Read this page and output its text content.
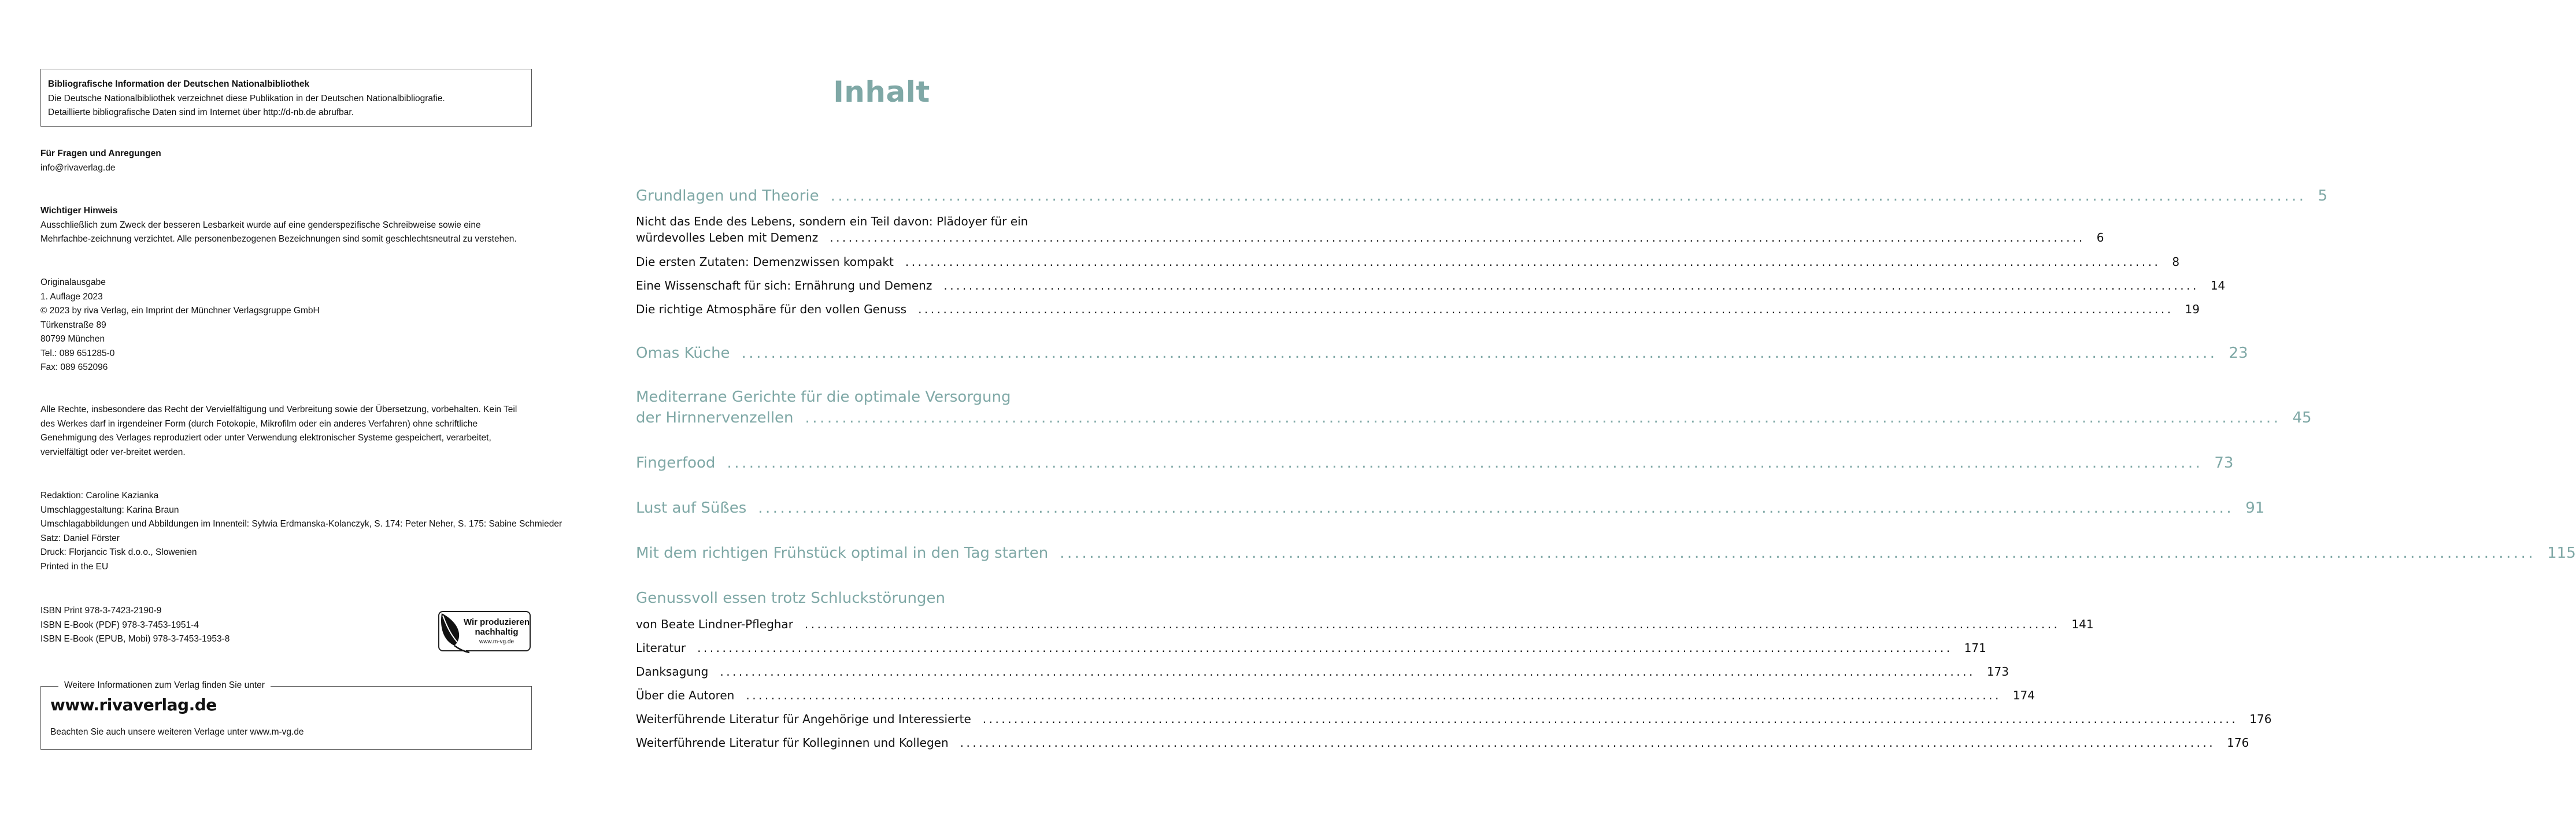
Bibliografische Information der Deutschen Nationalbibliothek
Die Deutsche Nationalbibliothek verzeichnet diese Publikation in der Deutschen Nationalbibliografie.
Detaillierte bibliografische Daten sind im Internet über http://d-nb.de abrufbar.
Für Fragen und Anregungen
info@rivaverlag.de
Wichtiger Hinweis
Ausschließlich zum Zweck der besseren Lesbarkeit wurde auf eine genderspezifische Schreibweise sowie eine Mehrfachbe-zeichnung verzichtet. Alle personenbezogenen Bezeichnungen sind somit geschlechtsneutral zu verstehen.
Originalausgabe
1. Auflage 2023
© 2023 by riva Verlag, ein Imprint der Münchner Verlagsgruppe GmbH
Türkenstraße 89
80799 München
Tel.: 089 651285-0
Fax: 089 652096
Alle Rechte, insbesondere das Recht der Vervielfältigung und Verbreitung sowie der Übersetzung, vorbehalten. Kein Teil des Werkes darf in irgendeiner Form (durch Fotokopie, Mikrofilm oder ein anderes Verfahren) ohne schriftliche Genehmigung des Verlages reproduziert oder unter Verwendung elektronischer Systeme gespeichert, verarbeitet, vervielfältigt oder ver-breitet werden.
Redaktion: Caroline Kazianka
Umschlaggestaltung: Karina Braun
Umschlagabbildungen und Abbildungen im Innenteil: Sylwia Erdmanska-Kolanczyk, S. 174: Peter Neher, S. 175: Sabine Schmieder
Satz: Daniel Förster
Druck: Florjancic Tisk d.o.o., Slowenien
Printed in the EU
ISBN Print 978-3-7423-2190-9
ISBN E-Book (PDF) 978-3-7453-1951-4
ISBN E-Book (EPUB, Mobi) 978-3-7453-1953-8
Wir produzieren nachhaltig
www.m-vg.de
Weitere Informationen zum Verlag finden Sie unter
www.rivaverlag.de
Beachten Sie auch unsere weiteren Verlage unter www.m-vg.de
Inhalt
Grundlagen und Theorie ........................................................................................................................................................................................................ 5
Nicht das Ende des Lebens, sondern ein Teil davon: Plädoyer für ein
würdevolles Leben mit Demenz ........................................................................................................................................................................................................ 6
Die ersten Zutaten: Demenzwissen kompakt ........................................................................................................................................................................................................ 8
Eine Wissenschaft für sich: Ernährung und Demenz ........................................................................................................................................................................................................ 14
Die richtige Atmosphäre für den vollen Genuss ........................................................................................................................................................................................................ 19
Omas Küche ........................................................................................................................................................................................................ 23
Mediterrane Gerichte für die optimale Versorgung
der Hirnnervenzellen ........................................................................................................................................................................................................ 45
Fingerfood ........................................................................................................................................................................................................ 73
Lust auf Süßes ........................................................................................................................................................................................................ 91
Mit dem richtigen Frühstück optimal in den Tag starten ........................................................................................................................................................................................................ 115
Genussvoll essen trotz Schluckstörungen
von Beate Lindner-Pfleghar ........................................................................................................................................................................................................ 141
Literatur ........................................................................................................................................................................................................ 171
Danksagung ........................................................................................................................................................................................................ 173
Über die Autoren ........................................................................................................................................................................................................ 174
Weiterführende Literatur für Angehörige und Interessierte ........................................................................................................................................................................................................ 176
Weiterführende Literatur für Kolleginnen und Kollegen ........................................................................................................................................................................................................ 176
